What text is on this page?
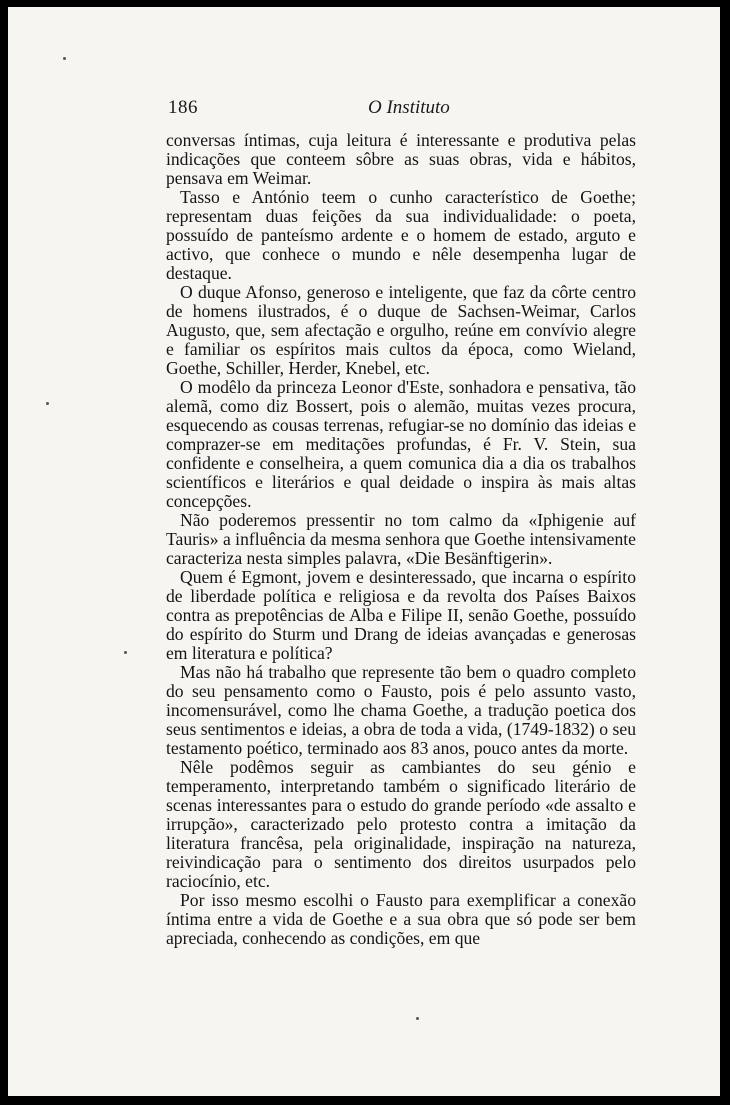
186	O Instituto

conversas íntimas, cuja leitura é interessante e produtiva pelas indicações que conteem sôbre as suas obras, vida e hábitos, pensava em Weimar.

Tasso e António teem o cunho característico de Goethe; representam duas feições da sua individualidade: o poeta, possuído de panteísmo ardente e o homem de estado, arguto e activo, que conhece o mundo e nêle desempenha lugar de destaque.

O duque Afonso, generoso e inteligente, que faz da côrte centro de homens ilustrados, é o duque de Sachsen-Weimar, Carlos Augusto, que, sem afectação e orgulho, reúne em convívio alegre e familiar os espíritos mais cultos da época, como Wieland, Goethe, Schiller, Herder, Knebel, etc.

O modêlo da princeza Leonor d'Este, sonhadora e pensativa, tão alemã, como diz Bossert, pois o alemão, muitas vezes procura, esquecendo as cousas terrenas, refugiar-se no domínio das ideias e comprazer-se em meditações profundas, é Fr. V. Stein, sua confidente e conselheira, a quem comunica dia a dia os trabalhos scientíficos e literários e qual deidade o inspira às mais altas concepções.

Não poderemos pressentir no tom calmo da «Iphigenie auf Tauris» a influência da mesma senhora que Goethe intensivamente caracteriza nesta simples palavra, «Die Besänftigerin».

Quem é Egmont, jovem e desinteressado, que incarna o espírito de liberdade política e religiosa e da revolta dos Países Baixos contra as prepotências de Alba e Filipe II, senão Goethe, possuído do espírito do Sturm und Drang de ideias avançadas e generosas em literatura e política?

Mas não há trabalho que represente tão bem o quadro completo do seu pensamento como o Fausto, pois é pelo assunto vasto, incomensurável, como lhe chama Goethe, a tradução poetica dos seus sentimentos e ideias, a obra de toda a vida, (1749-1832) o seu testamento poético, terminado aos 83 anos, pouco antes da morte.

Nêle podêmos seguir as cambiantes do seu génio e temperamento, interpretando também o significado literário de scenas interessantes para o estudo do grande período «de assalto e irrupção», caracterizado pelo protesto contra a imitação da literatura francêsa, pela originalidade, inspiração na natureza, reivindicação para o sentimento dos direitos usurpados pelo raciocínio, etc.

Por isso mesmo escolhi o Fausto para exemplificar a conexão íntima entre a vida de Goethe e a sua obra que só pode ser bem apreciada, conhecendo as condições, em que
